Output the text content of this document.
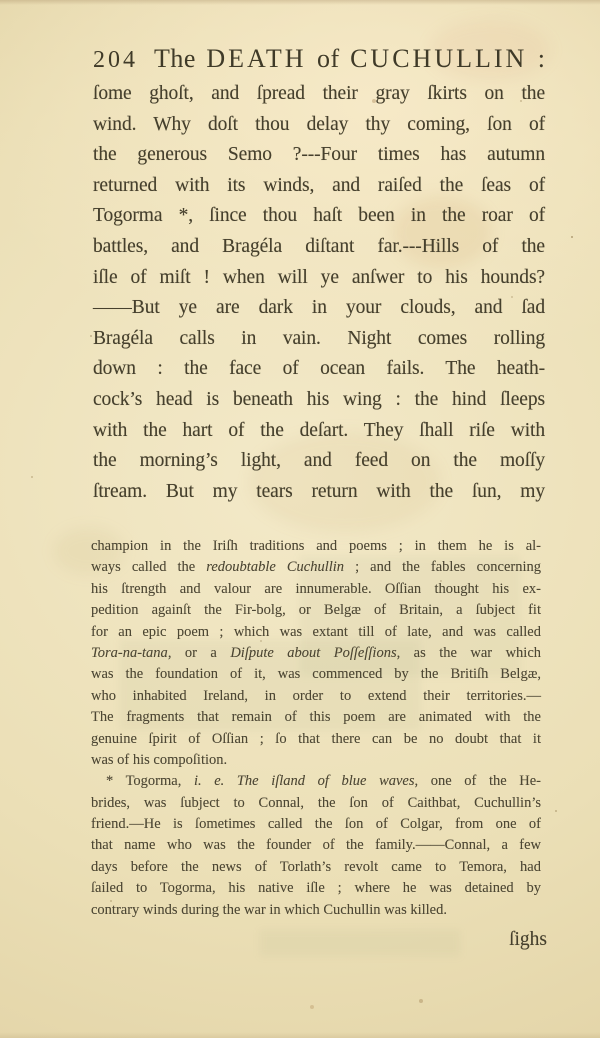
204 The DEATH of CUCHULLIN :
ſome ghoſt, and ſpread their gray ſkirts on the
wind. Why doſt thou delay thy coming, ſon of
the generous Semo ?---Four times has autumn
returned with its winds, and raiſed the ſeas of
Togorma *, ſince thou haſt been in the roar of
battles, and Bragéla diſtant far.---Hills of the
iſle of miſt ! when will ye anſwer to his hounds?
——But ye are dark in your clouds, and ſad
Bragéla calls in vain. Night comes rolling
down : the face of ocean fails. The heath-
cock’s head is beneath his wing : the hind ſleeps
with the hart of the deſart. They ſhall riſe with
the morning’s light, and feed on the moſſy
ſtream. But my tears return with the ſun, my
champion in the Iriſh traditions and poems ; in them he is al-
ways called the redoubtable Cuchullin ; and the fables concerning
his ſtrength and valour are innumerable. Oſſian thought his ex-
pedition againſt the Fir-bolg, or Belgæ of Britain, a ſubject fit
for an epic poem ; which was extant till of late, and was called
Tora-na-tana, or a Diſpute about Poſſeſſions, as the war which
was the foundation of it, was commenced by the Britiſh Belgæ,
who inhabited Ireland, in order to extend their territories.—
The fragments that remain of this poem are animated with the
genuine ſpirit of Oſſian ; ſo that there can be no doubt that it
was of his compoſition.
* Togorma, i. e. The iſland of blue waves, one of the He-
brides, was ſubject to Connal, the ſon of Caithbat, Cuchullin’s
friend.—He is ſometimes called the ſon of Colgar, from one of
that name who was the founder of the family.——Connal, a few
days before the news of Torlath’s revolt came to Temora, had
ſailed to Togorma, his native iſle ; where he was detained by
contrary winds during the war in which Cuchullin was killed.
ſighs
